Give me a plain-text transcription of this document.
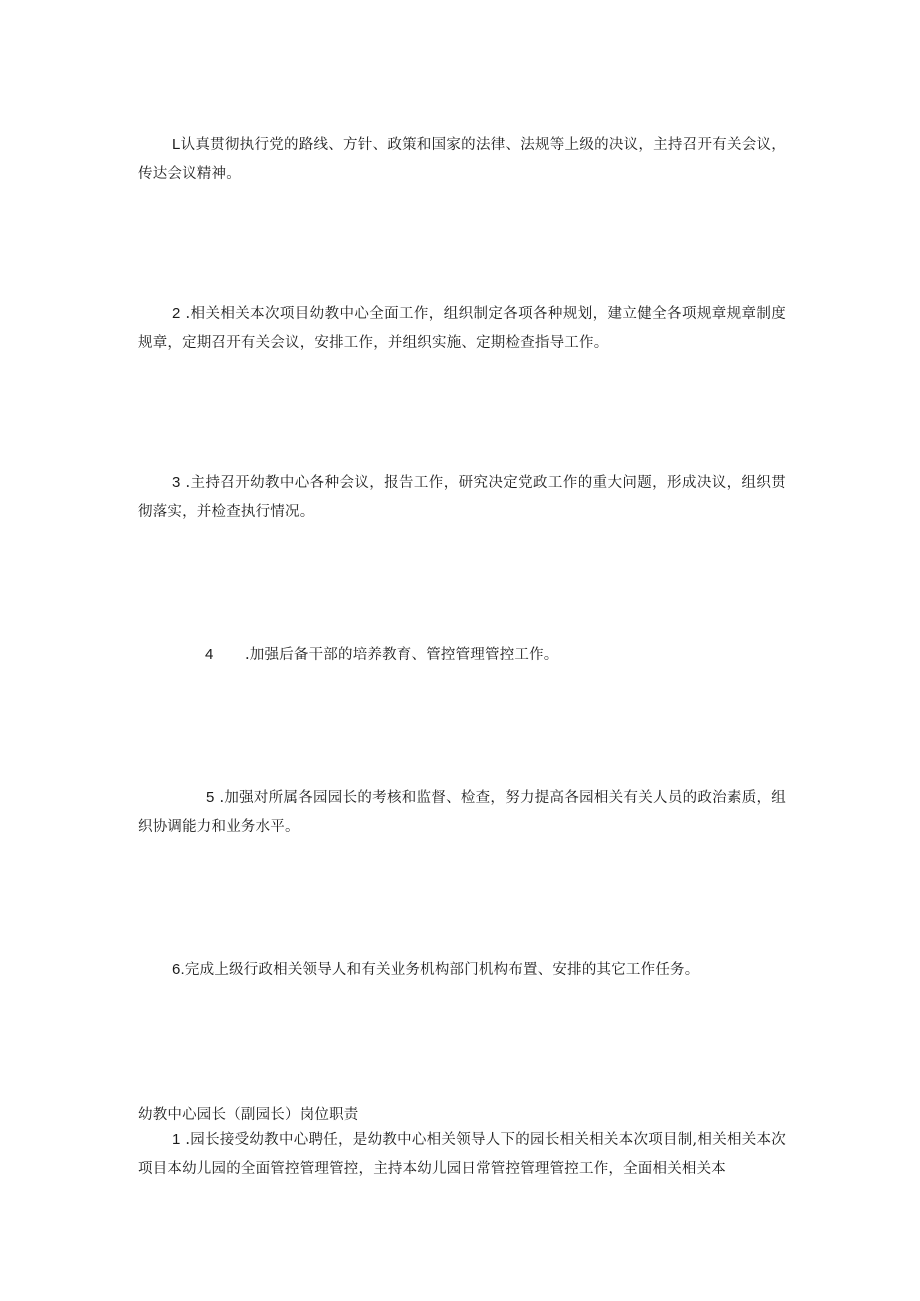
L认真贯彻执行党的路线、方针、政策和国家的法律、法规等上级的决议，主持召开有关会议，传达会议精神。

2 .相关相关本次项目幼教中心全面工作，组织制定各项各种规划，建立健全各项规章规章制度规章，定期召开有关会议，安排工作，并组织实施、定期检查指导工作。

3 .主持召开幼教中心各种会议，报告工作，研究决定党政工作的重大问题，形成决议，组织贯彻落实，并检查执行情况。

4 .加强后备干部的培养教育、管控管理管控工作。

5 .加强对所属各园园长的考核和监督、检查，努力提高各园相关有关人员的政治素质，组织协调能力和业务水平。

6.完成上级行政相关领导人和有关业务机构部门机构布置、安排的其它工作任务。

幼教中心园长（副园长）岗位职责

1 .园长接受幼教中心聘任，是幼教中心相关领导人下的园长相关相关本次项目制,相关相关本次项目本幼儿园的全面管控管理管控，主持本幼儿园日常管控管理管控工作，全面相关相关本
